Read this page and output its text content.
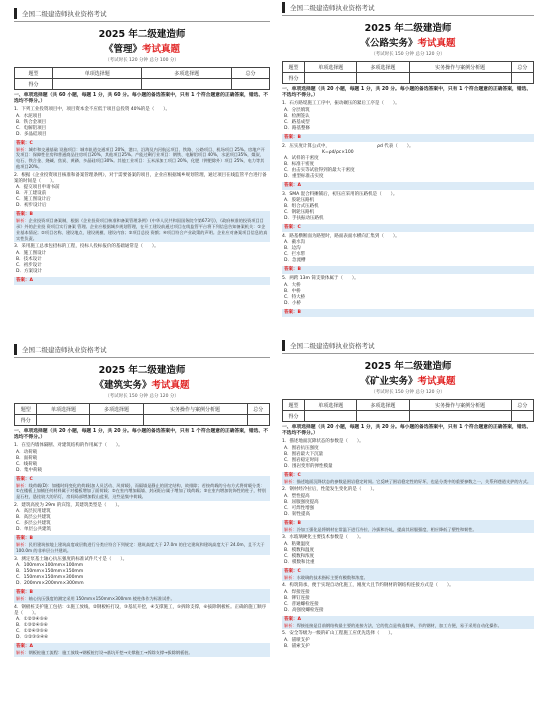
全国二级建造师执业资格考试
2025 年二级建造师
《管理》考试真题
（考试时长 120 分钟 总分 100 分）
题型	单项选择题	多项选择题	总分
得分			
一、单项选择题（共 60 小题，每题 1 分，共 60 分。每小题的备选答案中，只有 1 个符合题意的正确答案，错选、不选均不得分。）
1．下列工业投资项目中，项目资本金不应低于项目总投资 40%的是（　　）。
A．水泥项目
B．铁合金项目
C．电解铝项目
D．多晶硅项目
答案：C
解析：城市和交通基础 设施项目：城市轨道交通项目 20%，港口、沿海及内河航运项目、铁路、公路项目、机场项目 25%。房地产开发项目：保障性住房和普通商品住房项目20%，其他项目25%。产能过剩行业项目：钢铁、电解铝项目 40%，水泥项目35%，煤炭、电石、铁合金、烧碱、焦炭、黄磷、多晶硅项目30%。其他工业项目：玉米深加工项目 20%，化肥（钾肥除外）项目 25%，电力等其他项目20%。
2．根据《企业投资项目核准和备案管理条例》，对于需要备案的项目，企业应根据城乡规划管理，通过项目在线监管平台进行备案的时间是（　　）。
A．提交项目申请书前
B．开工建设前
C．施工图设计后
D．初步设计后
答案：B
解析：企业投资项目备案制，根据《企业投资项目核准和备案管理条例》(中华人民共和国国务院令第673号)，《政府核准的投资项目目录》外的企业投 资项目实行备案 管理。企业应根据城乡规划管理，在开工建设前通过项目在线监管平台将下列信息告知备案机关：①企业基本情况；②项目名称、建设地点、建设规模、建设内容；③项目总投 资额；④项目符合产业政策的声明。企业应对备案项目信息的真实性负责。
3．采用施工总承包招标的工程，投标人投标报价的基础通常是（　　）。
A．施工图设计
B．技术设计
C．初步设计
D．方案设计
答案：A
全国二级建造师执业资格考试
2025 年二级建造师
《公路实务》考试真题
（考试时长 150 分钟 总分 120 分）
题型	单项选择题	多项选择题	实务操作与案例分析题	总分
得分				
一、单项选择题（共 20 小题，每题 1 分，共 20 分。每小题的备选答案中，只有 1 个符合题意的正确答案，错选、不选均不得分。）
1．石方路堤施工工序中，振动碾压的紧后工序是（　　）。
A．分层填筑
B．检测签认
C．路基成型
D．路基整修
答案：B
2．压实度计算公式中，　　　　　　　　　　　ρd 代表（　　）。
K=ρd/ρc×100
A．试样的干密度
B．标准干密度
C．由击实等试验得到的最大干密度
D．重型标准击实度
答案：A
3．SMA 混合料摊铺后，初压应采用的压路机是（　　）。
A．胶轮压路机
B．组合式压路机
C．钢轮压路机
D．手扶振动压路机
答案：C
4．路基横断面为路堑时，路面表面水横向汇集到（　　）。
A．截水沟
B．边沟
C．拦水带
D．急流槽
答案：B
5．两跨 13m 简支梁体属于（　　）。
A．大桥
B．中桥
C．特大桥
D．小桥
答案：B
全国二级建造师执业资格考试
2025 年二级建造师
《建筑实务》考试真题
（考试时长 150 分钟 总分 120 分）
题型	单项选择题	多项选择题	实务操作与案例分析题	总分
得分				
一、单项选择题（共 20 小题，每题 1 分，共 20 分。每小题的备选答案中，只有 1 个符合题意的正确答案，错选、不选均不得分。）
1．在室内墙体隔断、对建筑结构的作用属于（　　）。
A．动荷载
B．面荷载
C．线荷载
D．集中荷载
答案：C
解析：线荷载(D)：如楼时间变化的荷载(加人员活动、风荷载)，而隔墙是静止的固定结构，故排除；若按荷载的分布方式将荷载分类：①在楼板上加铺任何材料属于对楼板增加了面荷载；②在室内增加隔墙、封闭阳台属于增加了线荷载；③在室内增加装饰性的柱子，特别是石柱，悬挂较大的吊灯，房间局部增加假山盆景，这些是集中荷载。
2．建筑高度为 29m 的宾馆，其建筑类型是（　　）。
A．高层民用建筑
B．高层公共建筑
C．多层公共建筑
D．单层公共建筑
答案：B
解析：民用建筑按地上建筑高度或层数进行分类应符合下列规定：建筑高度大于 27.0m 的住宅建筑和建筑高度大于 24.0m，且不大于 100.0m 的非单层公共建筑。
3．测定泵基土轴心抗压强度的标准试件尺寸是（　　）。
A．100mm×100mm×100mm
B．150mm×150mm×150mm
C．150mm×150mm×300mm
D．200mm×200mm×300mm
答案：B
解析：轴心抗压强度的测定采用 150mm×150mm×300mm 棱柱体作为标准试件。
4．钢板桩支护施工包括：①施工放线，②钢板桩打设，③基坑开挖，④支撑施工，⑤拆除支撑，⑥拔除钢板桩。正确的施工顺序是（　　）。
A．①②③④⑤⑥
B．①③②④⑤⑥
C．①②④③⑤⑥
D．①②③⑤④⑥
答案：A
解析：钢板桩施工流程：施工放线→钢板桩打设→基坑开挖→支撑施工→拆除支撑→拔除钢板桩。
全国二级建造师执业资格考试
2025 年二级建造师
《矿业实务》考试真题
（考试时长 150 分钟 总分 120 分）
题型	单项选择题	多项选择题	实务操作与案例分析题	总分
得分				
一、单项选择题（共 20 小题，每题 1 分，共 20 分。每小题的备选答案中，只有 1 个符合题意的正确答案，错选、不选均不得分。）
1．描述地面沉降状态的参数是（　　）。
A．围岩抗压强度
B．围岩最大下沉量
C．围岩稳定时间
D．围岩变形的弹性模量
答案：C
解析：描述地面沉降状态的参数是围岩稳定时间。它反映了围岩稳定性的好坏，也是分类中的重要参数之一，关系到巷道支护的方式。
2．钢材经冷拉后，性能发生变化的是（　　）。
A．塑性提高
B．屈服强度提高
C．可焊性增强
D．韧性提高
答案：B
解析：冷加工强化是将钢材在常温下进行冷拉、冷拔和冷轧，提高其屈服强度，相应降低了塑性和韧性。
3．水玻璃硬化主要技术参数是（　　）。
A．粘聚温度
B．模数和温度
C．模数和浓度
D．模数和比重
答案：C
解析：水玻璃的技术指标主要有模数和浓度。
4．构筑筒承，便于实现自动化施工，刚度大且节约钢材的钢结构连接方式是（　　）。
A．焊接连接
B．铆钉连接
C．普通螺栓连接
D．高强度螺栓连接
答案：A
解析：焊接连接是目前钢结构最主要的连接方法，它的优点是构造简单，节约钢材，加工方便，易于采用自动化操作。
5．安全等级为一级的矿山工程施工应优先选择（　　）。
A．锚喷支护
B．锚索支护
